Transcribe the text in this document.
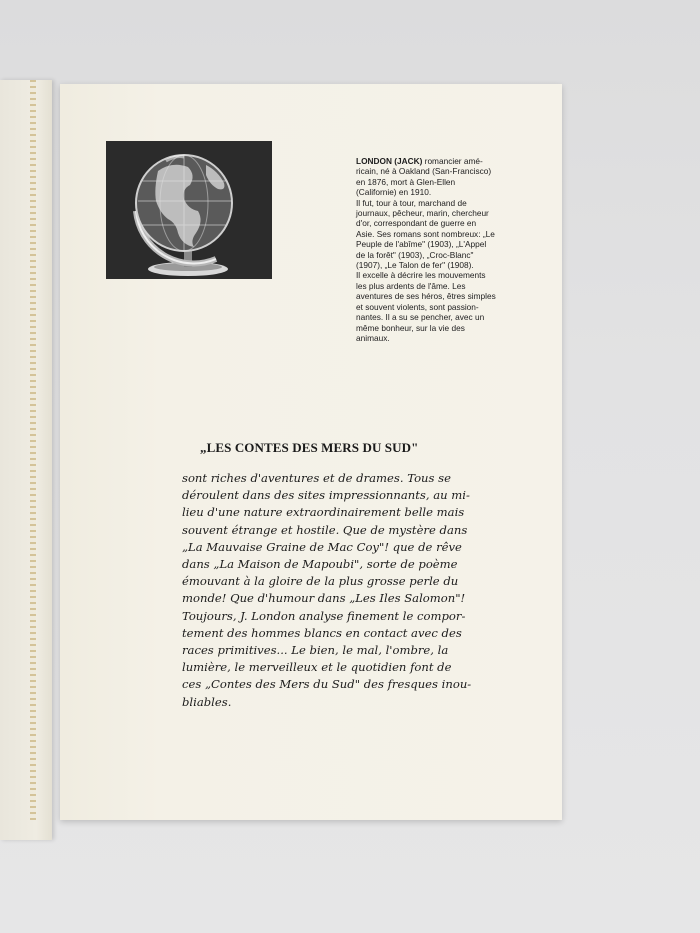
LONDON (JACK) romancier amé-
ricain, né à Oakland (San-Francisco)
en 1876, mort à Glen-Ellen
(Californie) en 1910.
Il fut, tour à tour, marchand de
journaux, pêcheur, marin, chercheur
d'or, correspondant de guerre en
Asie. Ses romans sont nombreux: „Le
Peuple de l'abîme" (1903), „L'Appel
de la forêt" (1903), „Croc-Blanc"
(1907), „Le Talon de fer" (1908).
Il excelle à décrire les mouvements
les plus ardents de l'âme. Les
aventures de ses héros, êtres simples
et souvent violents, sont passion-
nantes. Il a su se pencher, avec un
même bonheur, sur la vie des
animaux.
„LES CONTES DES MERS DU SUD"
sont riches d'aventures et de drames. Tous se
déroulent dans des sites impressionnants, au mi-
lieu d'une nature extraordinairement belle mais
souvent étrange et hostile. Que de mystère dans
„La Mauvaise Graine de Mac Coy"! que de rêve
dans „La Maison de Mapoubi", sorte de poème
émouvant à la gloire de la plus grosse perle du
monde! Que d'humour dans „Les Iles Salomon"!
Toujours, J. London analyse finement le compor-
tement des hommes blancs en contact avec des
races primitives... Le bien, le mal, l'ombre, la
lumière, le merveilleux et le quotidien font de
ces „Contes des Mers du Sud" des fresques inou-
bliables.
